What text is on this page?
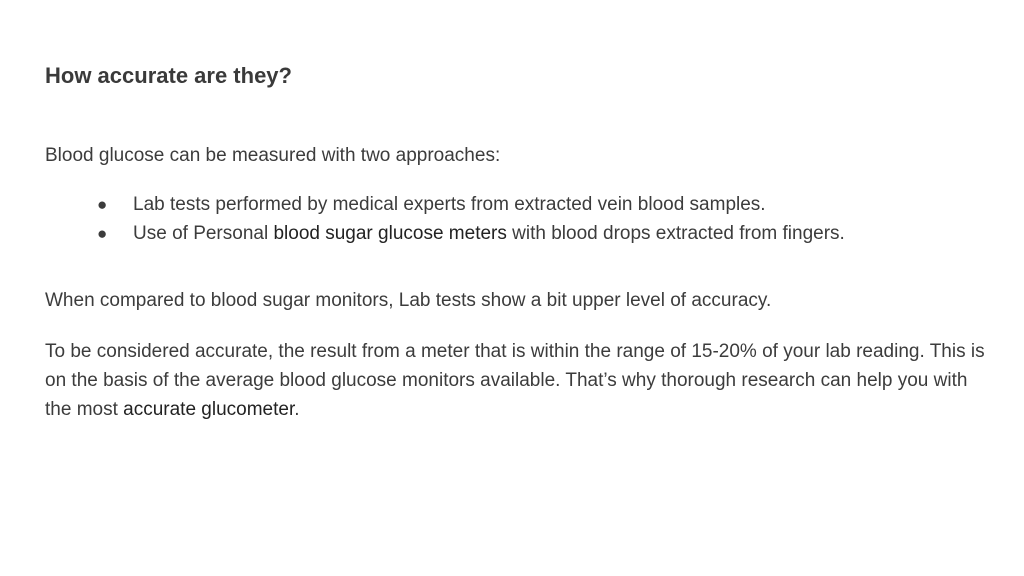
How accurate are they?

Blood glucose can be measured with two approaches:

● Lab tests performed by medical experts from extracted vein blood samples.
● Use of Personal blood sugar glucose meters with blood drops extracted from fingers.

When compared to blood sugar monitors, Lab tests show a bit upper level of accuracy.

To be considered accurate, the result from a meter that is within the range of 15-20% of your lab reading. This is on the basis of the average blood glucose monitors available. That’s why thorough research can help you with the most accurate glucometer.
